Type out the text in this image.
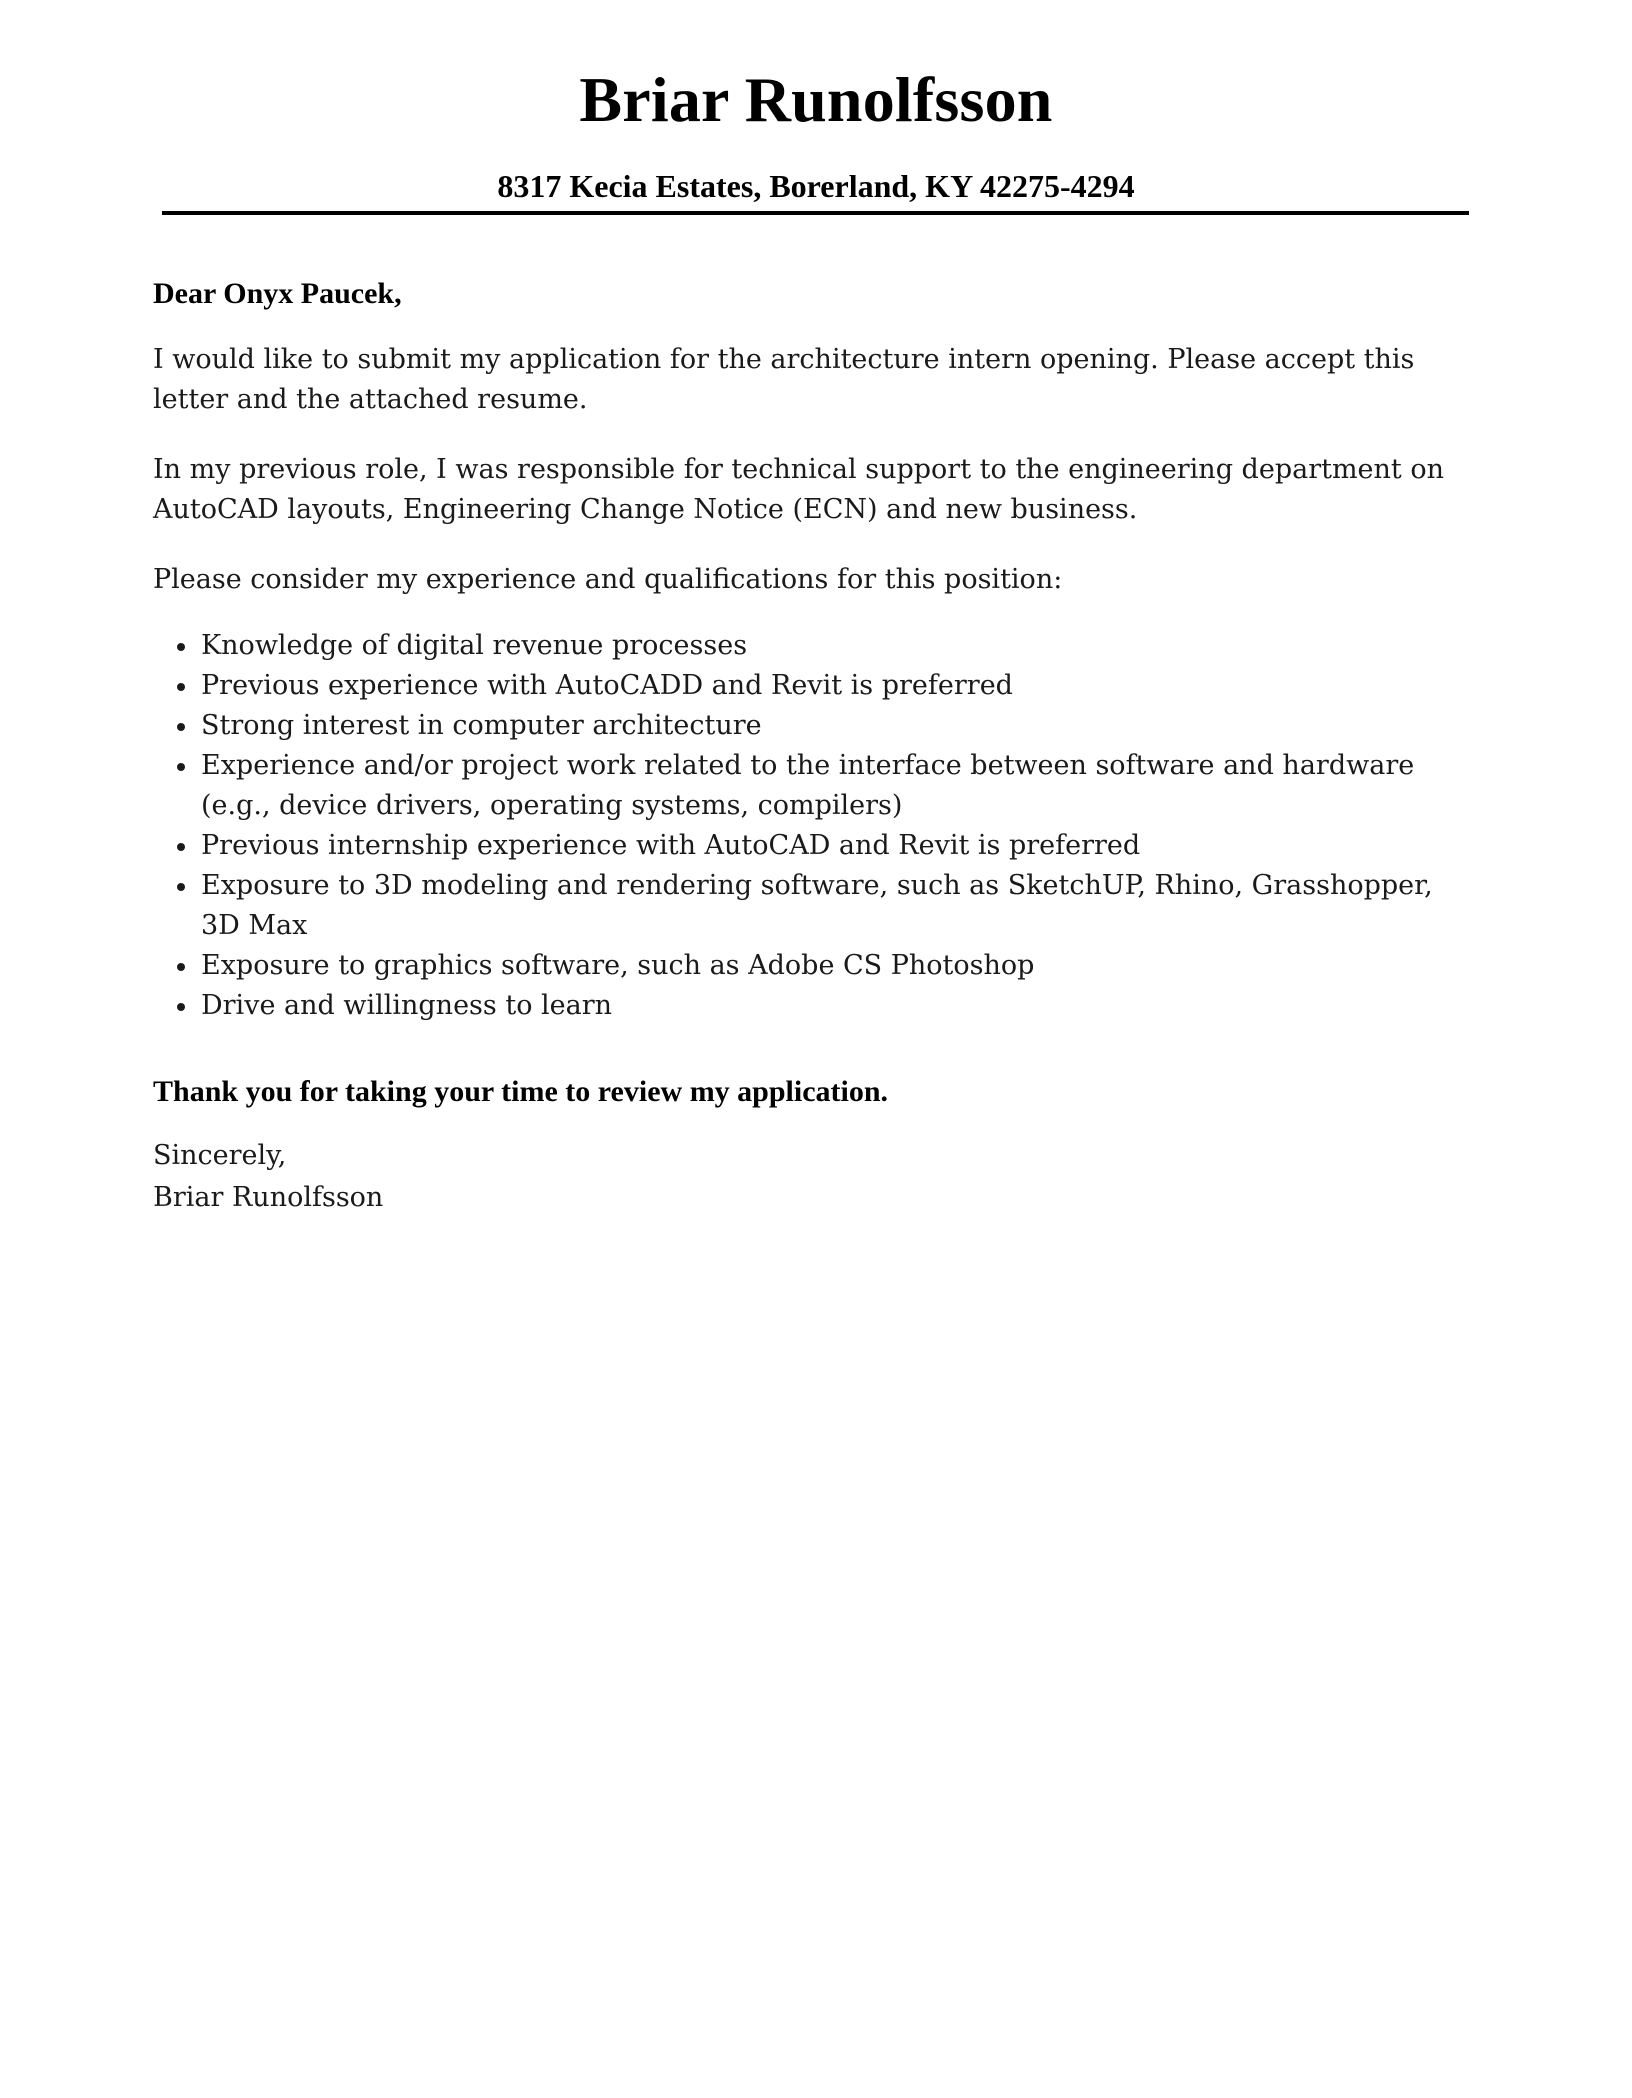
Briar Runolfsson
8317 Kecia Estates, Borerland, KY 42275-4294

Dear Onyx Paucek,

I would like to submit my application for the architecture intern opening. Please accept this letter and the attached resume.

In my previous role, I was responsible for technical support to the engineering department on AutoCAD layouts, Engineering Change Notice (ECN) and new business.

Please consider my experience and qualifications for this position:

Knowledge of digital revenue processes
Previous experience with AutoCADD and Revit is preferred
Strong interest in computer architecture
Experience and/or project work related to the interface between software and hardware (e.g., device drivers, operating systems, compilers)
Previous internship experience with AutoCAD and Revit is preferred
Exposure to 3D modeling and rendering software, such as SketchUP, Rhino, Grasshopper, 3D Max
Exposure to graphics software, such as Adobe CS Photoshop
Drive and willingness to learn

Thank you for taking your time to review my application.

Sincerely,

Briar Runolfsson
